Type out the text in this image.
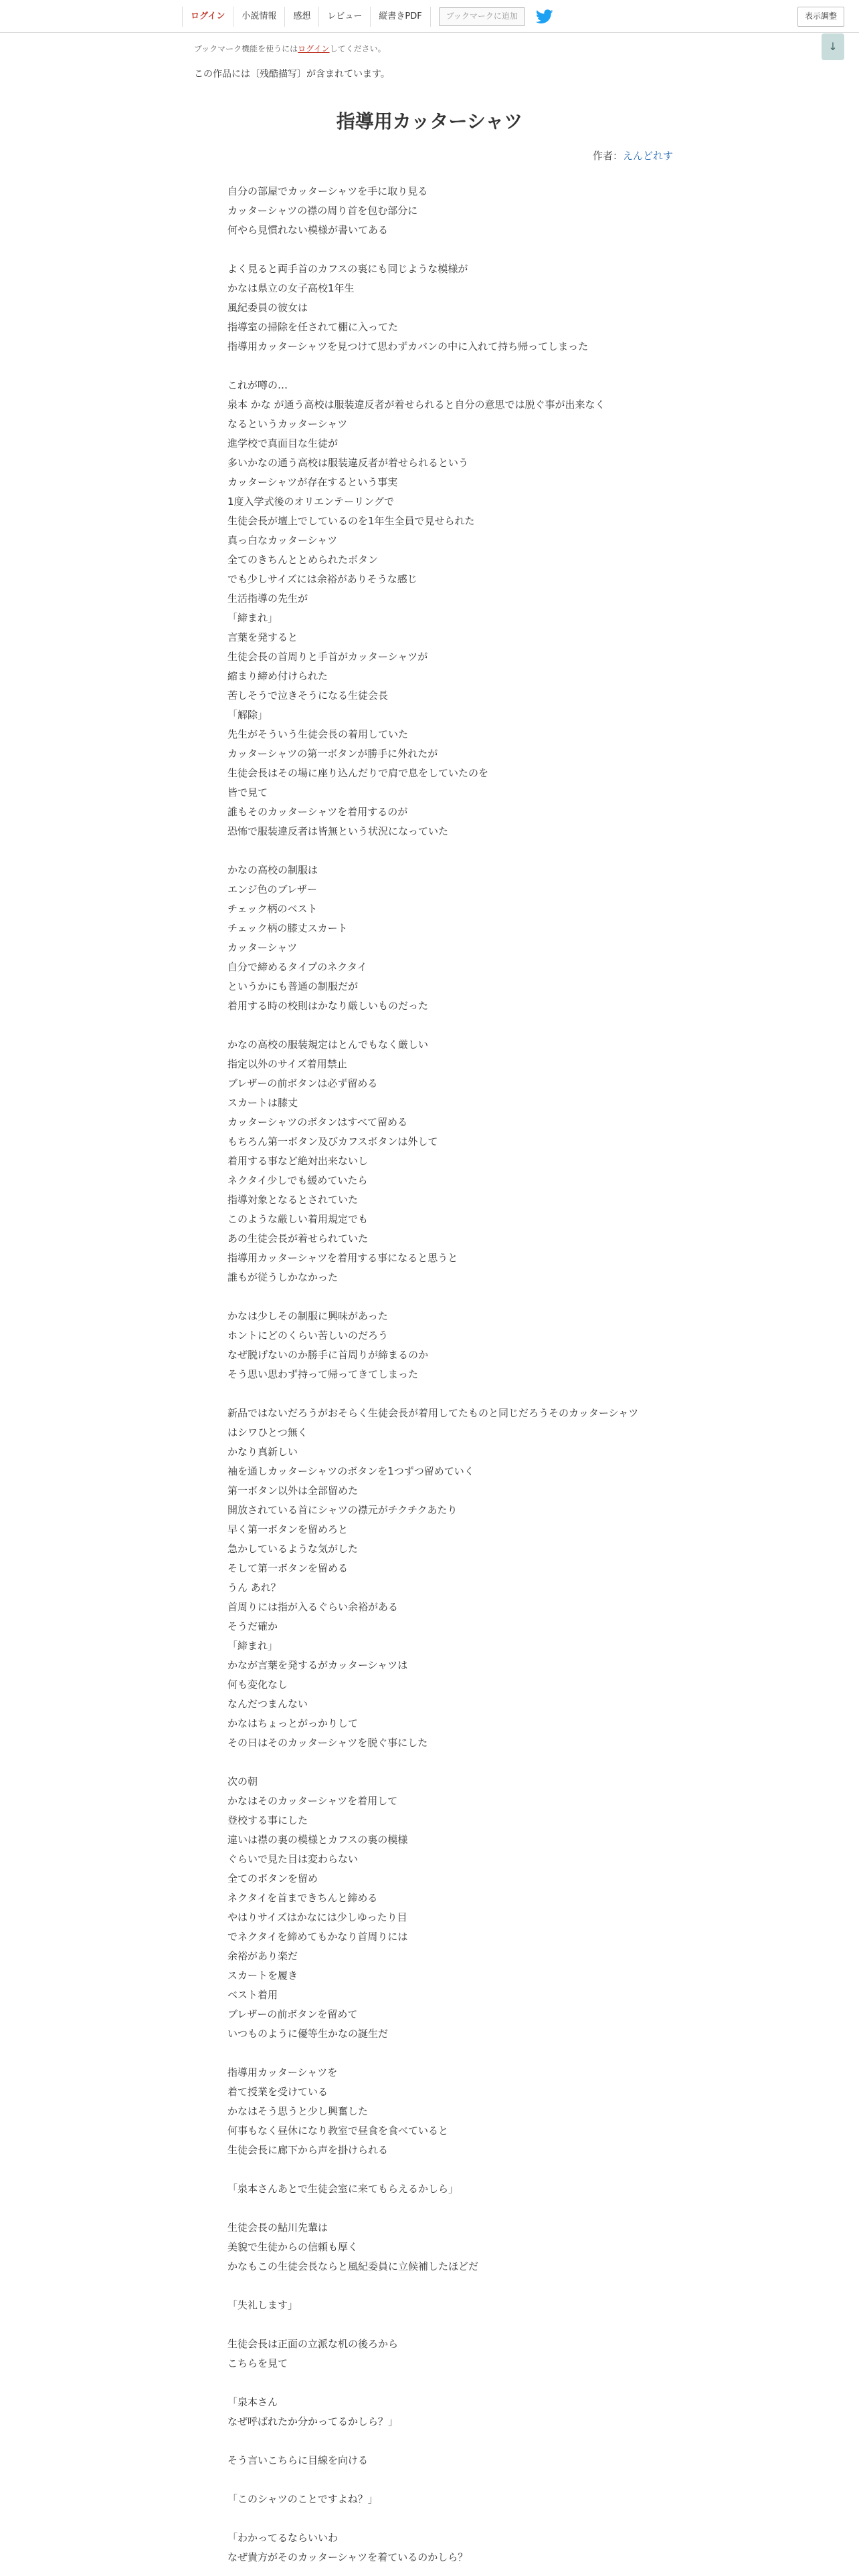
ログイン	小説情報	感想	レビュー	縦書きPDF	ブックマークに追加	表示調整
ブックマーク機能を使うにはログインしてください。	↓
この作品には〔残酷描写〕が含まれています。
指導用カッターシャツ
作者：えんどれす
自分の部屋でカッターシャツを手に取り見る
カッターシャツの襟の周り首を包む部分に
何やら見慣れない模様が書いてある

よく見ると両手首のカフスの裏にも同じような模様が
かなは県立の女子高校1年生
風紀委員の彼女は
指導室の掃除を任されて棚に入ってた
指導用カッターシャツを見つけて思わずカバンの中に入れて持ち帰ってしまった

これが噂の…
泉本 かな が通う高校は服装違反者が着せられると自分の意思では脱ぐ事が出来なく
なるというカッターシャツ
進学校で真面目な生徒が
多いかなの通う高校は服装違反者が着せられるという
カッターシャツが存在するという事実
1度入学式後のオリエンテーリングで
生徒会長が壇上でしているのを1年生全員で見せられた
真っ白なカッターシャツ
全てのきちんととめられたボタン
でも少しサイズには余裕がありそうな感じ
生活指導の先生が
「締まれ」
言葉を発すると
生徒会長の首周りと手首がカッターシャツが
縮まり締め付けられた
苦しそうで泣きそうになる生徒会長
「解除」
先生がそういう生徒会長の着用していた
カッターシャツの第一ボタンが勝手に外れたが
生徒会長はその場に座り込んだりで肩で息をしていたのを
皆で見て
誰もそのカッターシャツを着用するのが
恐怖で服装違反者は皆無という状況になっていた

かなの高校の制服は
エンジ色のブレザー
チェック柄のベスト
チェック柄の膝丈スカート
カッターシャツ
自分で締めるタイプのネクタイ
というかにも普通の制服だが
着用する時の校則はかなり厳しいものだった

かなの高校の服装規定はとんでもなく厳しい
指定以外のサイズ着用禁止
ブレザーの前ボタンは必ず留める
スカートは膝丈
カッターシャツのボタンはすべて留める
もちろん第一ボタン及びカフスボタンは外して
着用する事など絶対出来ないし
ネクタイ少しでも緩めていたら
指導対象となるとされていた
このような厳しい着用規定でも
あの生徒会長が着せられていた
指導用カッターシャツを着用する事になると思うと
誰もが従うしかなかった

かなは少しその制服に興味があった
ホントにどのくらい苦しいのだろう
なぜ脱げないのか勝手に首周りが締まるのか
そう思い思わず持って帰ってきてしまった

新品ではないだろうがおそらく生徒会長が着用してたものと同じだろうそのカッターシャツはシワひとつ無く
かなり真新しい
袖を通しカッターシャツのボタンを1つずつ留めていく
第一ボタン以外は全部留めた
開放されている首にシャツの襟元がチクチクあたり
早く第一ボタンを留めろと
急かしているような気がした
そして第一ボタンを留める
うん あれ？
首周りには指が入るぐらい余裕がある
そうだ確か
「締まれ」
かなが言葉を発するがカッターシャツは
何も変化なし
なんだつまんない
かなはちょっとがっかりして
その日はそのカッターシャツを脱ぐ事にした

次の朝
かなはそのカッターシャツを着用して
登校する事にした
違いは襟の裏の模様とカフスの裏の模様
ぐらいで見た目は変わらない
全てのボタンを留め
ネクタイを首まできちんと締める
やはりサイズはかなには少しゆったり目
でネクタイを締めてもかなり首周りには
余裕があり楽だ
スカートを履き
ベスト着用
ブレザーの前ボタンを留めて
いつものように優等生かなの誕生だ

指導用カッターシャツを
着て授業を受けている
かなはそう思うと少し興奮した
何事もなく昼休になり教室で昼食を食べていると
生徒会長に廊下から声を掛けられる

「泉本さんあとで生徒会室に来てもらえるかしら」

生徒会長の鮎川先輩は
美貌で生徒からの信頼も厚く
かなもこの生徒会長ならと風紀委員に立候補したほどだ

「失礼します」

生徒会長は正面の立派な机の後ろから
こちらを見て

「泉本さん
なぜ呼ばれたか分かってるかしら？」

そう言いこちらに目線を向ける

「このシャツのことですよね？」

「わかってるならいいわ
なぜ貴方がそのカッターシャツを着ているのかしら？
